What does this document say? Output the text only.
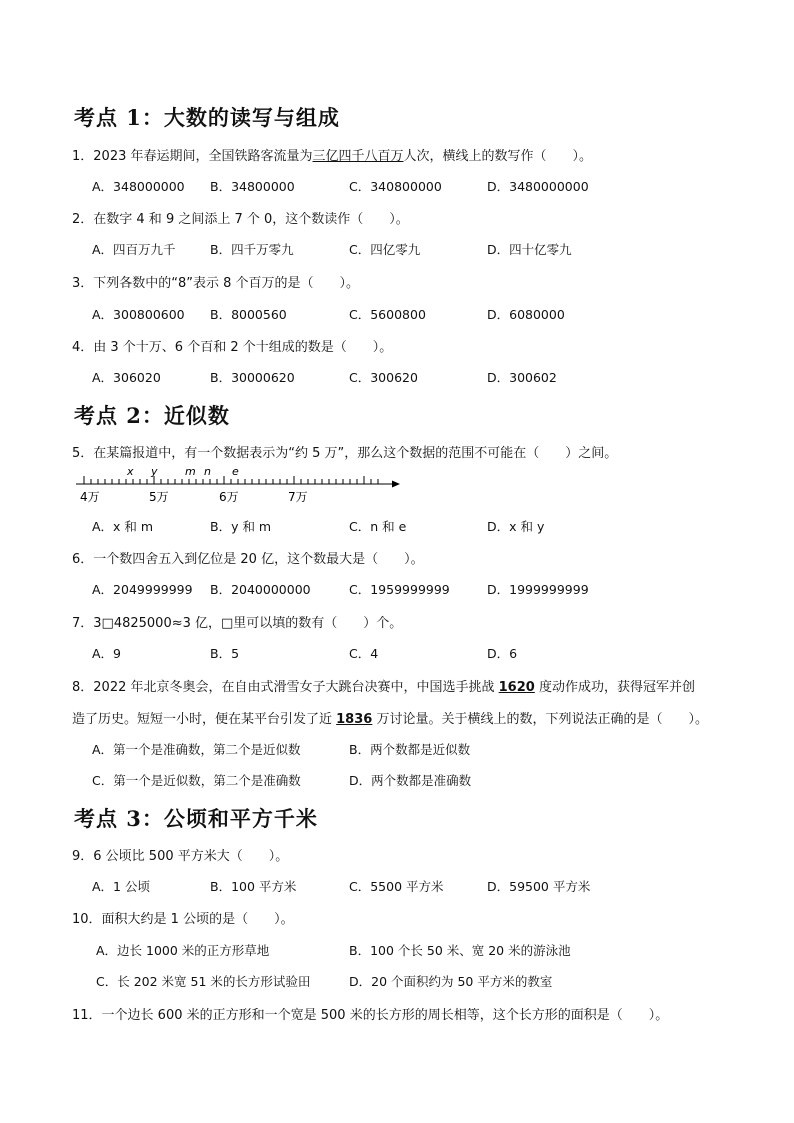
考点 1：大数的读写与组成
1．2023 年春运期间，全国铁路客流量为三亿四千八百万人次，横线上的数写作（　　）。
A．348000000 B．34800000	C．340800000	D．3480000000
2．在数字 4 和 9 之间添上 7 个 0，这个数读作（　　）。
A．四百万九千	B．四千万零九	C．四亿零九	D．四十亿零九
3．下列各数中的“8”表示 8 个百万的是（　　）。
A．300800600 B．8000560	C．5600800	D．6080000
4．由 3 个十万、6 个百和 2 个十组成的数是（　　）。
A．306020	B．30000620	C．300620	D．300602
考点 2：近似数
5．在某篇报道中，有一个数据表示为“约 5 万”，那么这个数据的范围不可能在（　　）之间。
x y m n e
4万	5万	6万	7万
A．x 和 m	B．y 和 m	C．n 和 e	D．x 和 y
6．一个数四舍五入到亿位是 20 亿，这个数最大是（　　）。
A．2049999999 B．2040000000	C．1959999999	D．1999999999
7．3□4825000≈3 亿，□里可以填的数有（　　）个。
A．9	B．5	C．4	D．6
8．2022 年北京冬奥会，在自由式滑雪女子大跳台决赛中，中国选手挑战 1620 度动作成功，获得冠军并创
造了历史。短短一小时，便在某平台引发了近 1836 万讨论量。关于横线上的数，下列说法正确的是（　　）。
A．第一个是准确数，第二个是近似数	B．两个数都是近似数
C．第一个是近似数，第二个是准确数	D．两个数都是准确数
考点 3：公顷和平方千米
9．6 公顷比 500 平方米大（　　）。
A．1 公顷	B．100 平方米	C．5500 平方米	D．59500 平方米
10．面积大约是 1 公顷的是（　　）。
A．边长 1000 米的正方形草地	B．100 个长 50 米、宽 20 米的游泳池
C．长 202 米宽 51 米的长方形试验田	D．20 个面积约为 50 平方米的教室
11．一个边长 600 米的正方形和一个宽是 500 米的长方形的周长相等，这个长方形的面积是（　　）。
